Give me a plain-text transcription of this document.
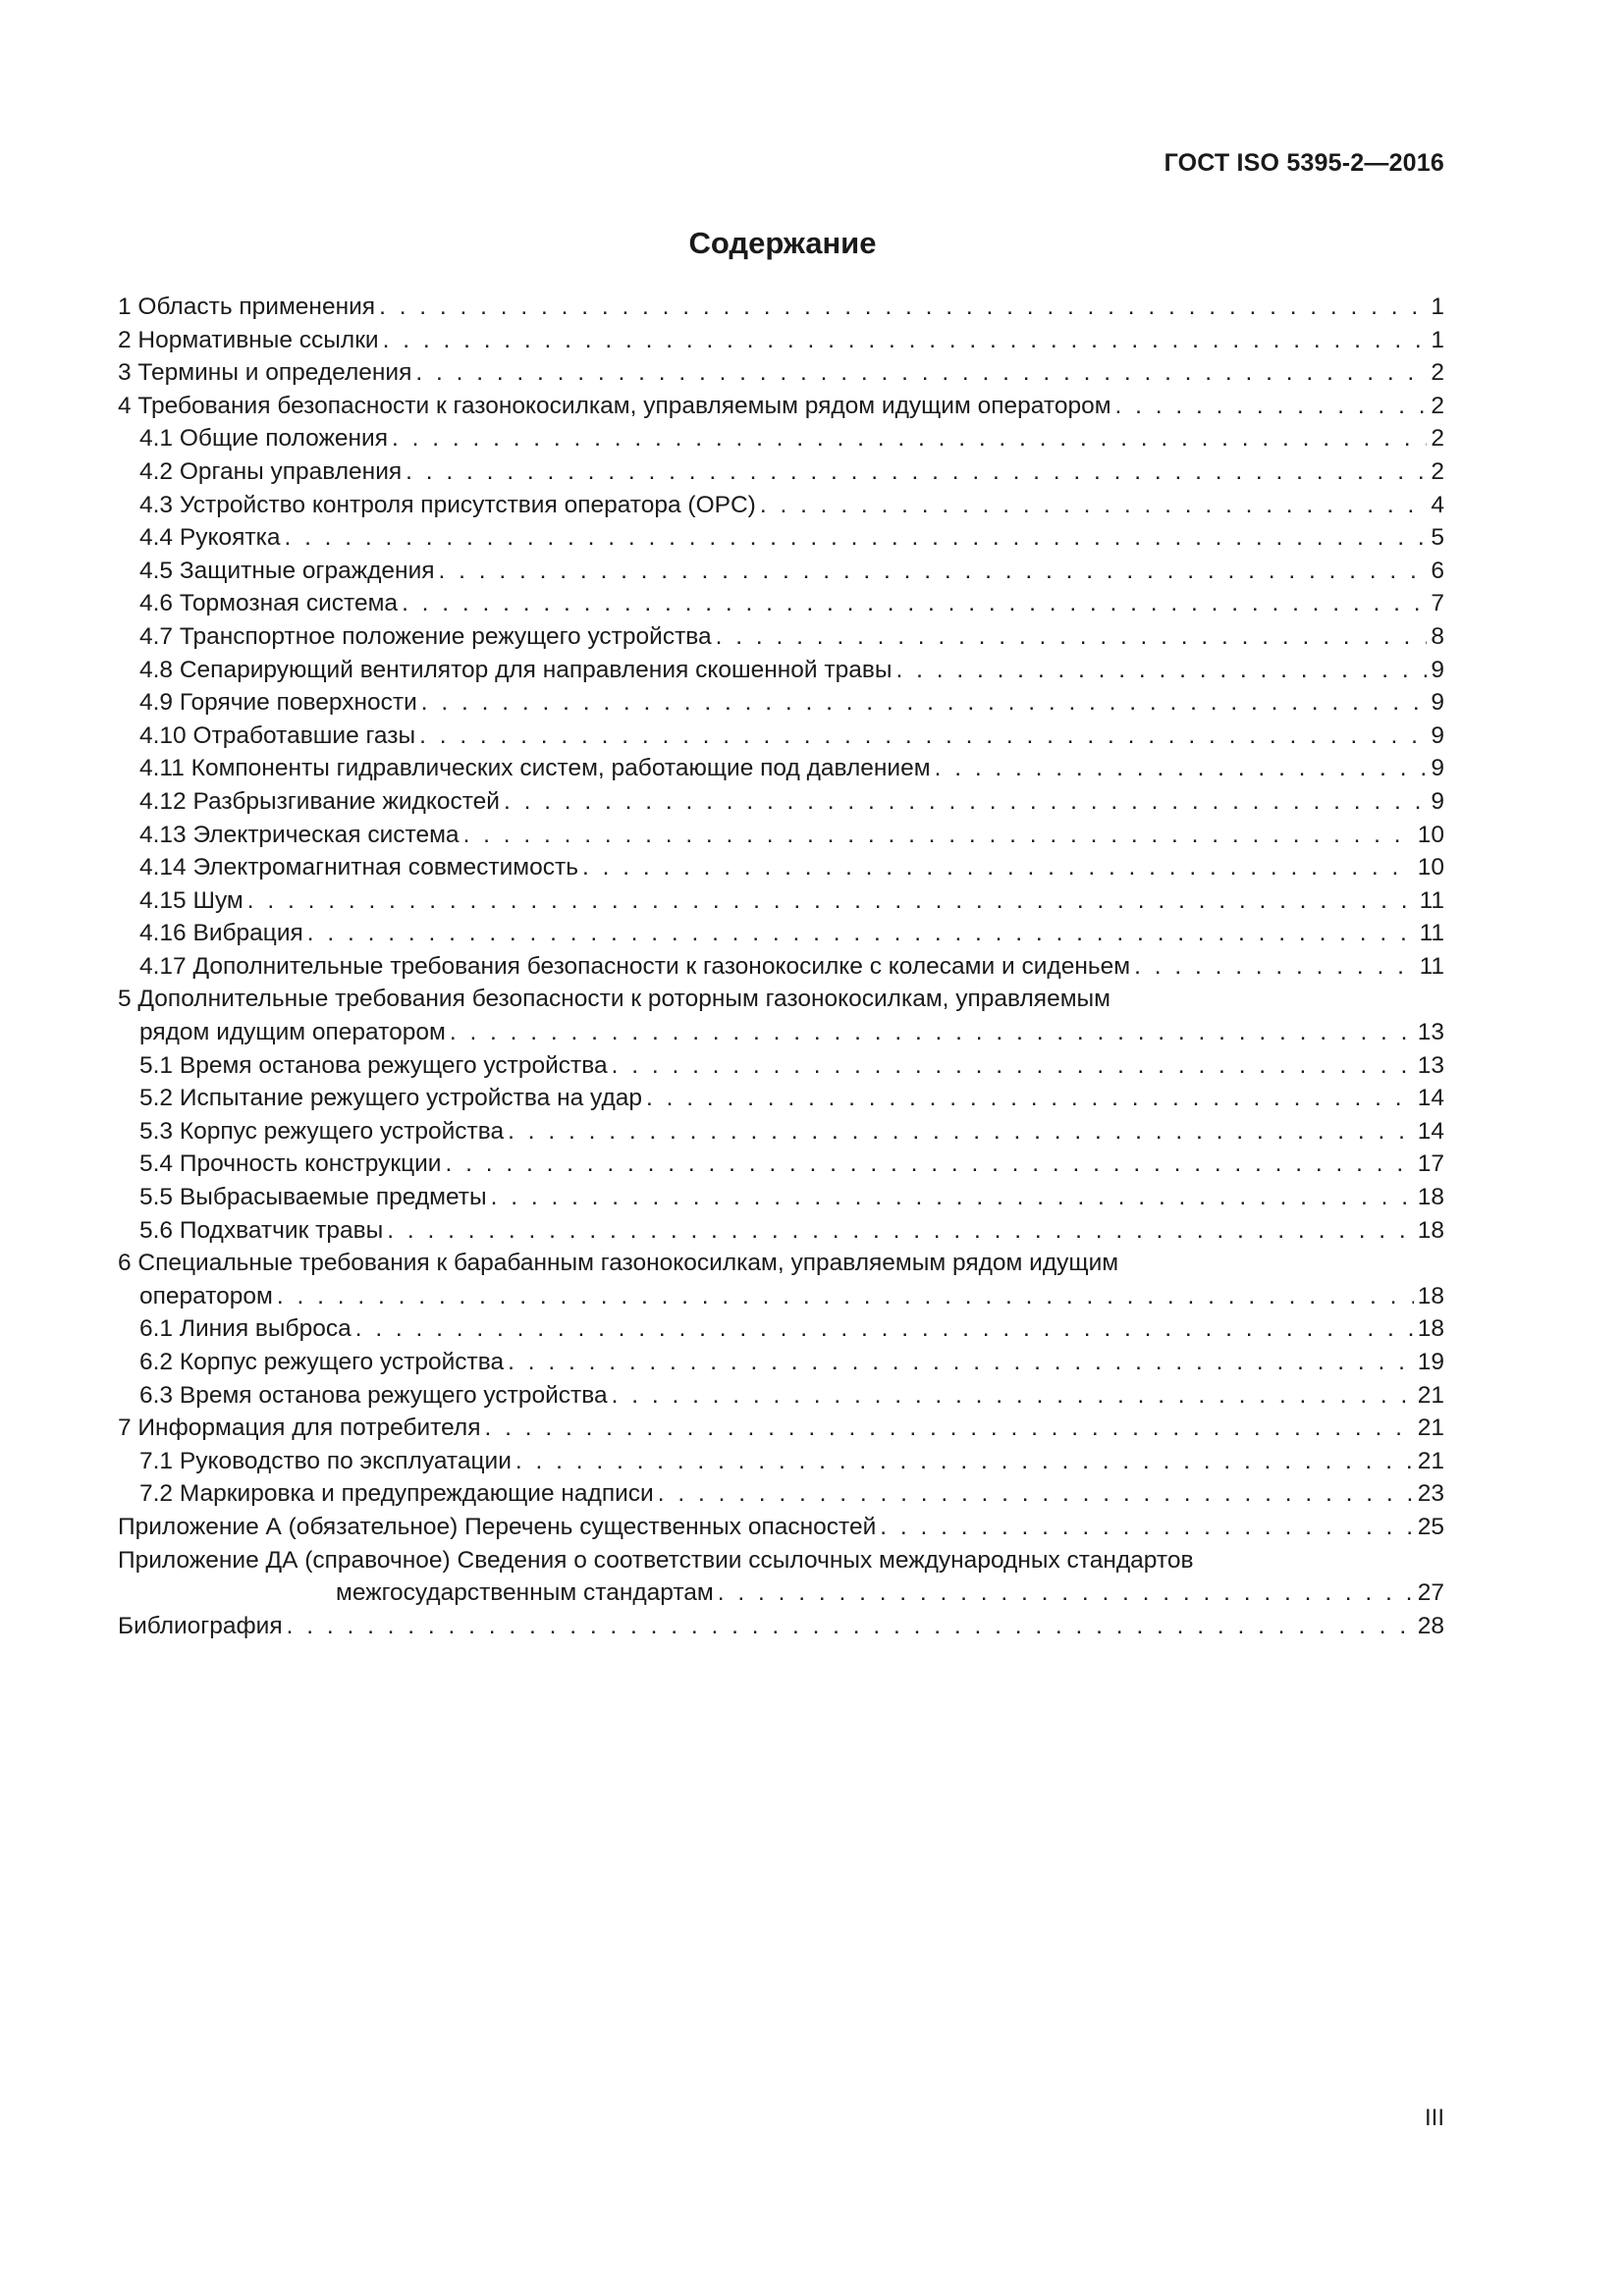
ГОСТ ISO 5395-2—2016
Содержание
1 Область применения . . .	1
2 Нормативные ссылки . . .	1
3 Термины и определения . . .	2
4 Требования безопасности к газонокосилкам, управляемым рядом идущим оператором . . .	2
4.1 Общие положения . . .	2
4.2 Органы управления . . .	2
4.3 Устройство контроля присутствия оператора (OPC) . . .	4
4.4 Рукоятка . . .	5
4.5 Защитные ограждения . . .	6
4.6 Тормозная система . . .	7
4.7 Транспортное положение режущего устройства . . .	8
4.8 Сепарирующий вентилятор для направления скошенной травы . . .	9
4.9 Горячие поверхности . . .	9
4.10 Отработавшие газы . . .	9
4.11 Компоненты гидравлических систем, работающие под давлением . . .	9
4.12 Разбрызгивание жидкостей . . .	9
4.13 Электрическая система . . .	10
4.14 Электромагнитная совместимость . . .	10
4.15 Шум . . .	11
4.16 Вибрация . . .	11
4.17 Дополнительные требования безопасности к газонокосилке с колесами и сиденьем . . .	11
5 Дополнительные требования безопасности к роторным газонокосилкам, управляемым
рядом идущим оператором . . .	13
5.1 Время останова режущего устройства . . .	13
5.2 Испытание режущего устройства на удар . . .	14
5.3 Корпус режущего устройства . . .	14
5.4 Прочность конструкции . . .	17
5.5 Выбрасываемые предметы . . .	18
5.6 Подхватчик травы . . .	18
6 Специальные требования к барабанным газонокосилкам, управляемым рядом идущим
оператором . . .	18
6.1 Линия выброса . . .	18
6.2 Корпус режущего устройства . . .	19
6.3 Время останова режущего устройства . . .	21
7 Информация для потребителя . . .	21
7.1 Руководство по эксплуатации . . .	21
7.2 Маркировка и предупреждающие надписи . . .	23
Приложение А (обязательное) Перечень существенных опасностей . . .	25
Приложение ДА (справочное) Сведения о соответствии ссылочных международных стандартов
межгосударственным стандартам . . .	27
Библиография . . .	28
III
